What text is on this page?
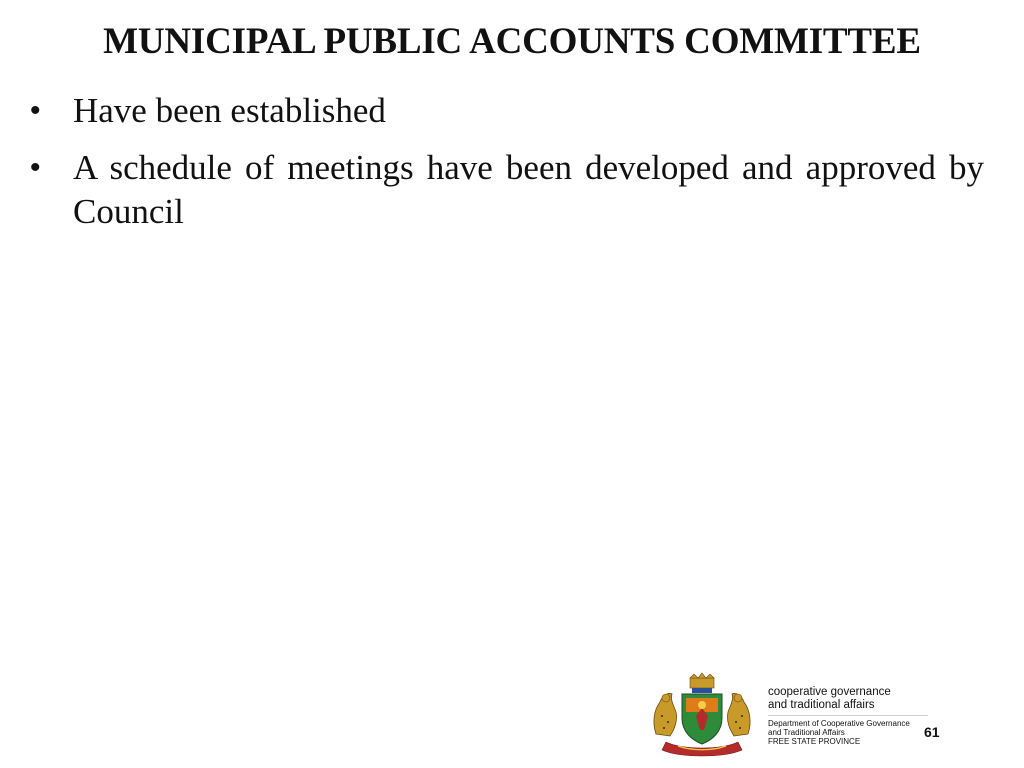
MUNICIPAL PUBLIC ACCOUNTS COMMITTEE
• Have been established
• A schedule of meetings have been developed and approved by Council

cooperative governance

and traditional affairs

Department of Cooperative Governance

and Traditional Affairs

FREE STATE PROVINCE

61
